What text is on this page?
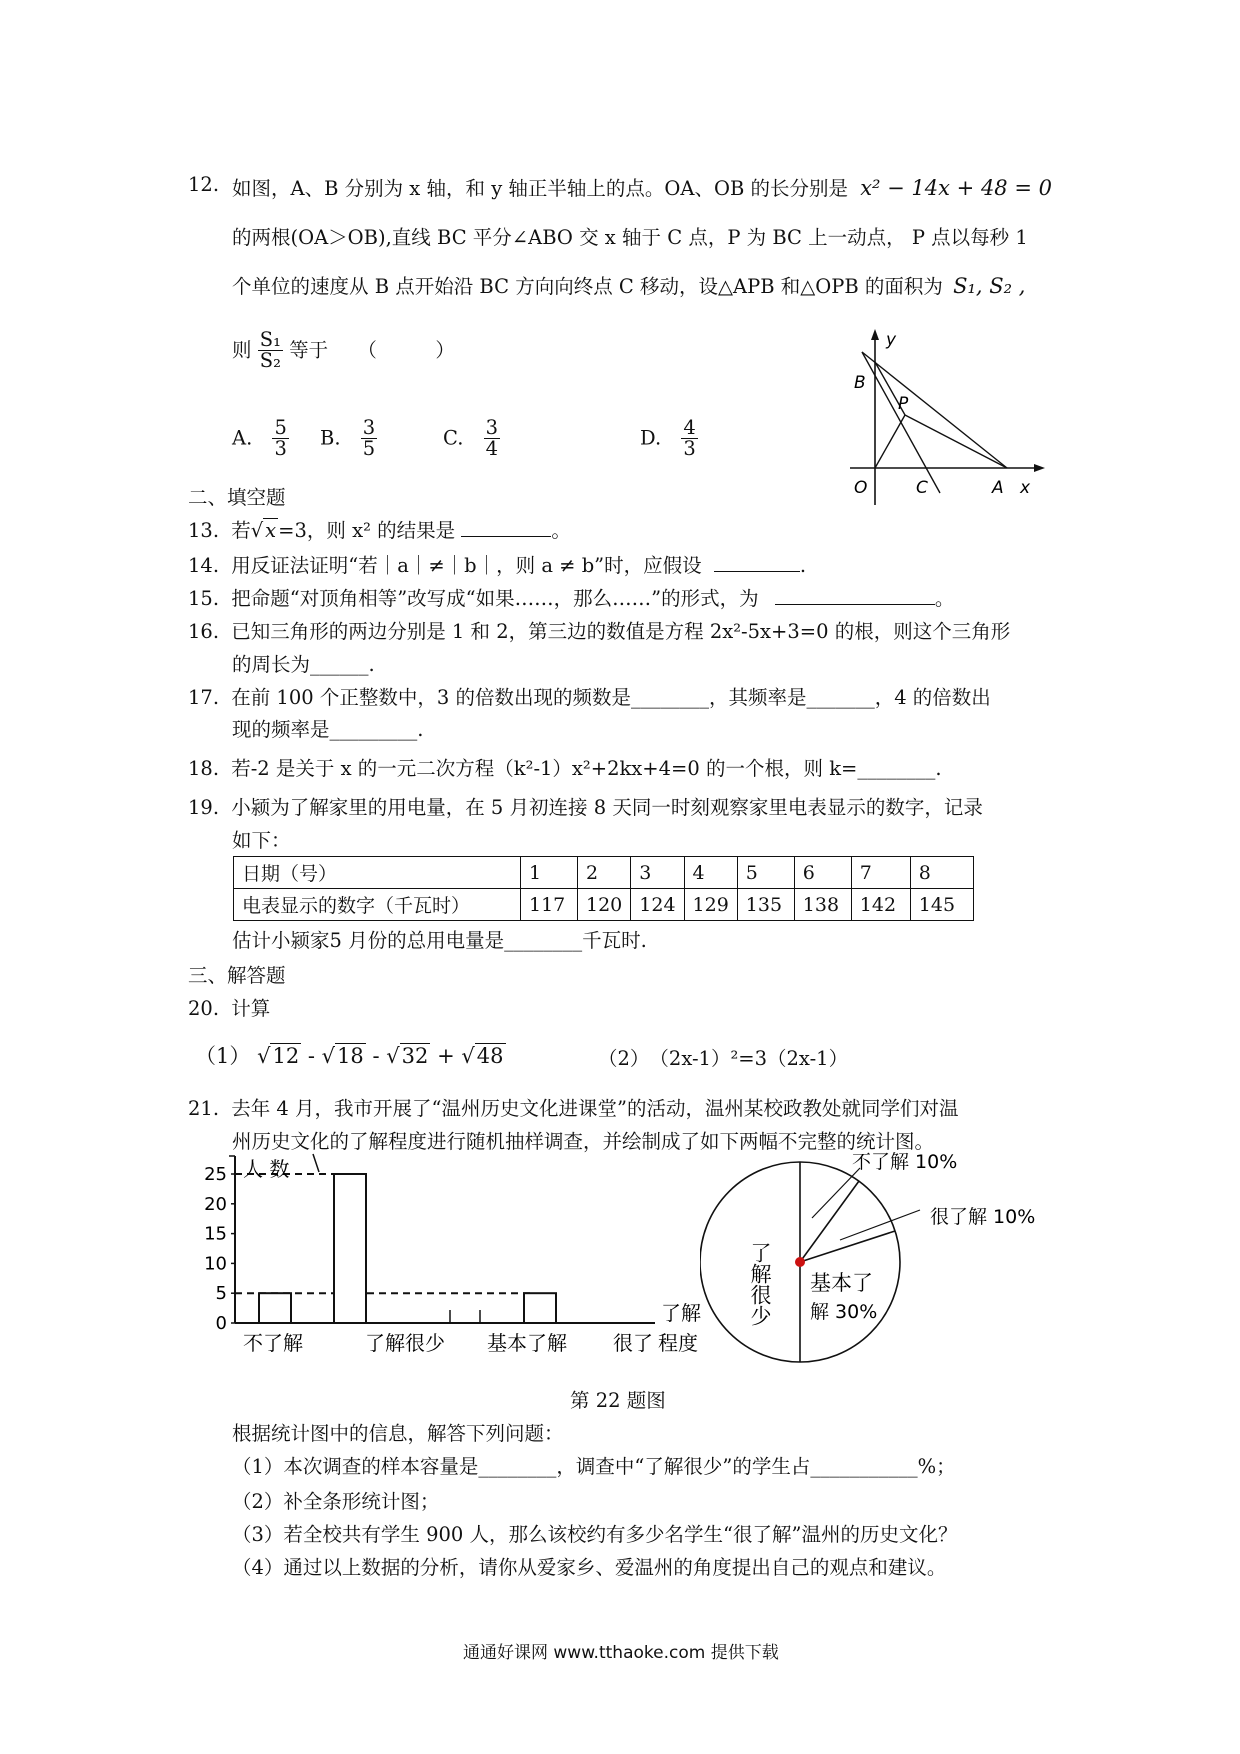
12. 如图，A、B 分别为 x 轴，和 y 轴正半轴上的点。OA、OB 的长分别是 x² − 14x + 48 = 0
的两根(OA＞OB),直线 BC 平分∠ABO 交 x 轴于 C 点，P 为 BC 上一动点， P 点以每秒 1
个单位的速度从 B 点开始沿 BC 方向向终点 C 移动，设△APB 和△OPB 的面积为 S₁, S₂ ,
则 $\frac{\text{S₁}}{\text{S₂}}$ 等于　　（　　　）
A. $\frac{5}{3} B$. $\frac{3}{5}$	C. $\frac{3}{4}$	D. $\frac{4}{3}$
y
B
P
O	C	A x
二、填空题
13. 若√ x =3，则 x² 的结果是	。
14. 用反证法证明“若｜a｜≠｜b｜，则 a ≠ b”时，应假设	.
15. 把命题“对顶角相等”改写成“如果……，那么……”的形式，为	。
16. 已知三角形的两边分别是 1 和 2，第三边的数值是方程 2x²-5x+3=0 的根，则这个三角形
的周长为______.
17. 在前 100 个正整数中，3 的倍数出现的频数是________，其频率是_______，4 的倍数出
现的频率是_________.
18. 若-2 是关于 x 的一元二次方程（k²-1）x²+2kx+4=0 的一个根，则 k=________.
19. 小颍为了解家里的用电量，在 5 月初连接 8 天同一时刻观察家里电表显示的数字，记录
如下：
日期（号）	1	2	3	4	5	6	7	8
电表显示的数字（千瓦时）	117	120	124	129	135	138	142	145
估计小颍家5 月份的总用电量是________千瓦时.
三、解答题
20. 计算
（1） √12 - √18 - √32 + √48	（2）　（2x-1）²=3（2x-1）
21. 去年 4 月，我市开展了“温州历史文化进课堂”的活动，温州某校政教处就同学们对温
州历史文化的了解程度进行随机抽样调查，并绘制成了如下两幅不完整的统计图。
0
5
10
15
20
25 人 数
了解
不了解	了解很少 基本了解 很了 程度
不了解 10%
很了解 10%
基本了
解 30%
了解很少
第 22 题图
根据统计图中的信息，解答下列问题：
（1）本次调查的样本容量是________，调查中“了解很少”的学生占___________%；
（2）补全条形统计图；
（3）若全校共有学生 900 人，那么该校约有多少名学生“很了解”温州的历史文化？
（4）通过以上数据的分析，请你从爱家乡、爱温州的角度提出自己的观点和建议。
通通好课网 www.tthaoke.com 提供下载
